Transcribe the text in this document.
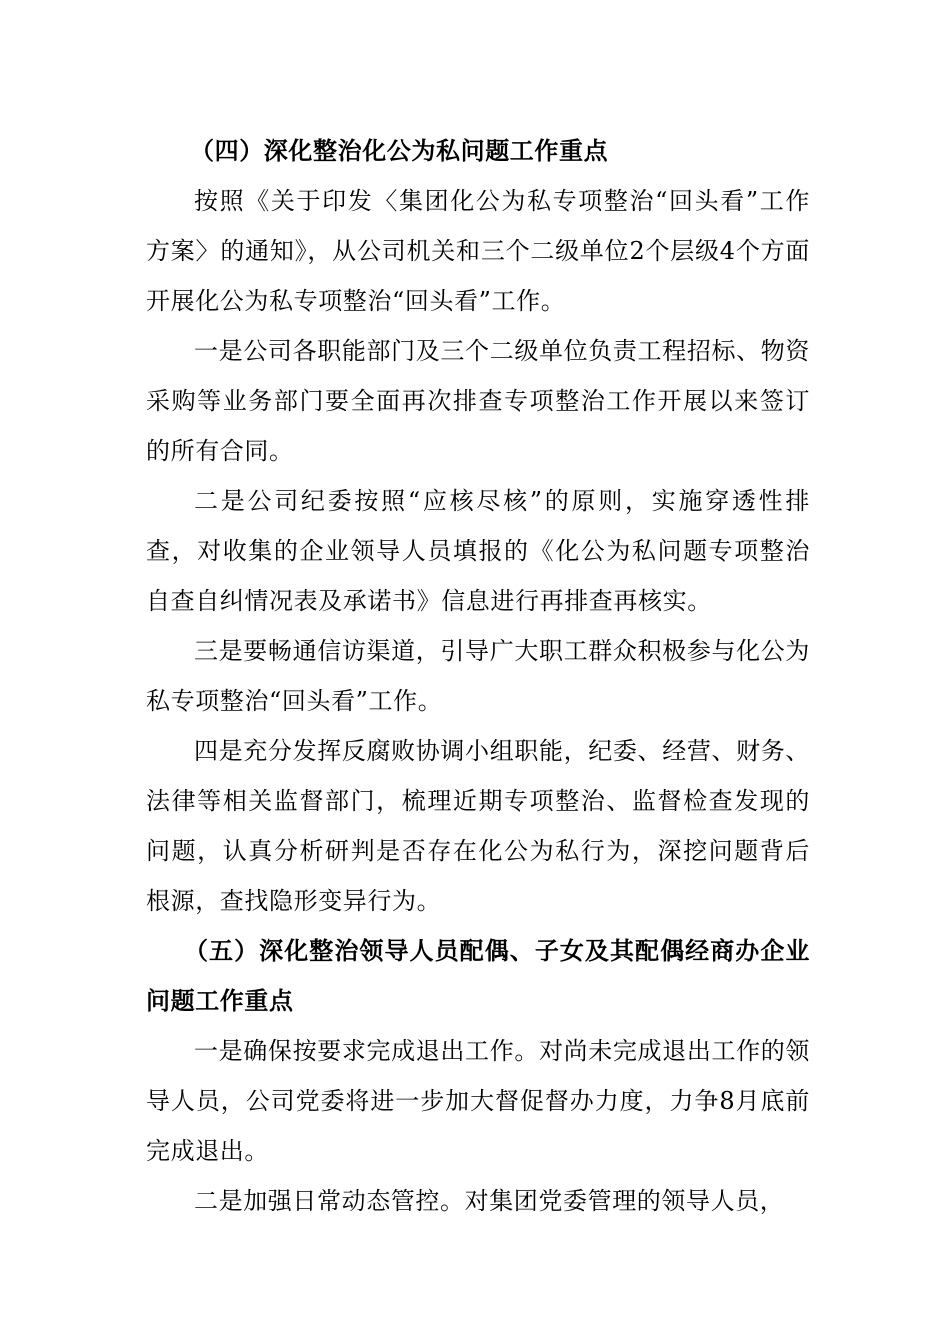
（四）深化整治化公为私问题工作重点

按照《关于印发〈集团化公为私专项整治“回头看”工作方案〉的通知》，从公司机关和三个二级单位2个层级4个方面开展化公为私专项整治“回头看”工作。

一是公司各职能部门及三个二级单位负责工程招标、物资采购等业务部门要全面再次排查专项整治工作开展以来签订的所有合同。

二是公司纪委按照“应核尽核”的原则，实施穿透性排查，对收集的企业领导人员填报的《化公为私问题专项整治自查自纠情况表及承诺书》信息进行再排查再核实。

三是要畅通信访渠道，引导广大职工群众积极参与化公为私专项整治“回头看”工作。

四是充分发挥反腐败协调小组职能，纪委、经营、财务、法律等相关监督部门，梳理近期专项整治、监督检查发现的问题，认真分析研判是否存在化公为私行为，深挖问题背后根源，查找隐形变异行为。

（五）深化整治领导人员配偶、子女及其配偶经商办企业问题工作重点

一是确保按要求完成退出工作。对尚未完成退出工作的领导人员，公司党委将进一步加大督促督办力度，力争8月底前完成退出。

二是加强日常动态管控。对集团党委管理的领导人员，
